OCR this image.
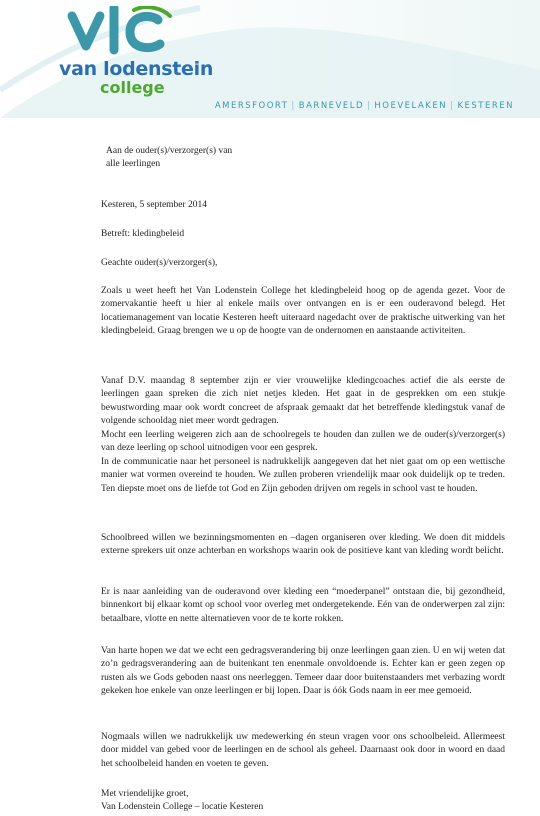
van lodenstein
college
AMERSFOORT | BARNEVELD | HOEVELAKEN | KESTEREN

Aan de ouder(s)/verzorger(s) van

alle leerlingen

Kesteren, 5 september 2014

Betreft: kledingbeleid

Geachte ouder(s)/verzorger(s),

Zoals u weet heeft het Van Lodenstein College het kledingbeleid hoog op de agenda gezet. Voor de zomervakantie heeft u hier al enkele mails over ontvangen en is er een ouderavond belegd. Het locatiemanagement van locatie Kesteren heeft uiteraard nagedacht over de praktische uitwerking van het kledingbeleid. Graag brengen we u op de hoogte van de ondernomen en aanstaande activiteiten.

Vanaf D.V. maandag 8 september zijn er vier vrouwelijke kledingcoaches actief die als eerste de leerlingen gaan spreken die zich niet netjes kleden. Het gaat in de gesprekken om een stukje bewustwording maar ook wordt concreet de afspraak gemaakt dat het betreffende kledingstuk vanaf de volgende schooldag niet meer wordt gedragen.

Mocht een leerling weigeren zich aan de schoolregels te houden dan zullen we de ouder(s)/verzorger(s) van deze leerling op school uitnodigen voor een gesprek.

In de communicatie naar het personeel is nadrukkelijk aangegeven dat het niet gaat om op een wettische manier wat vormen overeind te houden. We zullen proberen vriendelijk maar ook duidelijk op te treden. Ten diepste moet ons de liefde tot God en Zijn geboden drijven om regels in school vast te houden.

Schoolbreed willen we bezinningsmomenten en –dagen organiseren over kleding. We doen dit middels externe sprekers uit onze achterban en workshops waarin ook de positieve kant van kleding wordt belicht.

Er is naar aanleiding van de ouderavond over kleding een “moederpanel” ontstaan die, bij gezondheid, binnenkort bij elkaar komt op school voor overleg met ondergetekende. Eén van de onderwerpen zal zijn: betaalbare, vlotte en nette alternatieven voor de te korte rokken.

Van harte hopen we dat we echt een gedragsverandering bij onze leerlingen gaan zien. U en wij weten dat zo’n gedragsverandering aan de buitenkant ten enenmale onvoldoende is. Echter kan er geen zegen op rusten als we Gods geboden naast ons neerleggen. Temeer daar door buitenstaanders met verbazing wordt gekeken hoe enkele van onze leerlingen er bij lopen. Daar is óók Gods naam in eer mee gemoeid.

Nogmaals willen we nadrukkelijk uw medewerking én steun vragen voor ons schoolbeleid. Allermeest door middel van gebed voor de leerlingen en de school als geheel. Daarnaast ook door in woord en daad het schoolbeleid handen en voeten te geven.

Met vriendelijke groet,

Van Lodenstein College – locatie Kesteren
